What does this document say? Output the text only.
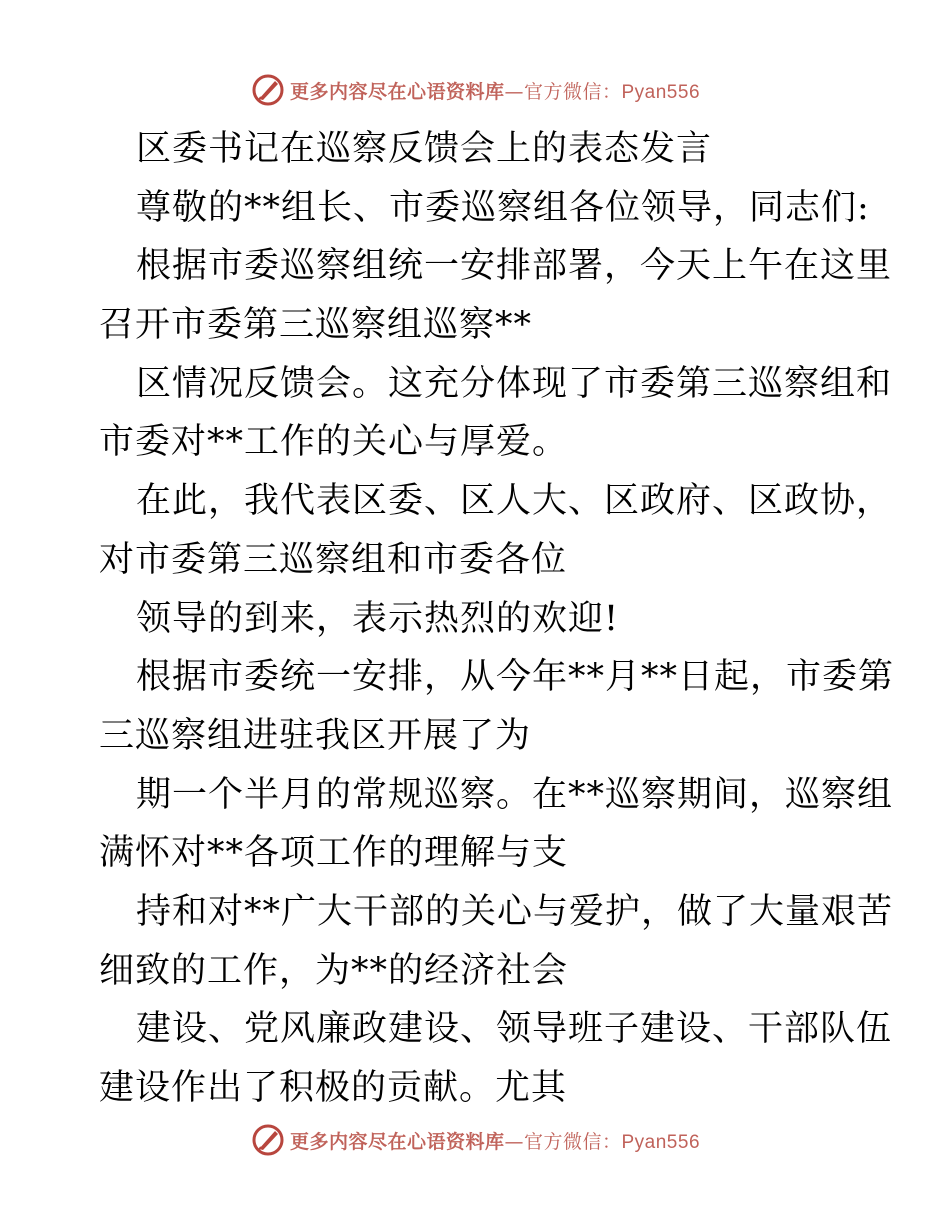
更多内容尽在心语资料库—官方微信：Pyan556
区委书记在巡察反馈会上的表态发言
尊敬的**组长、市委巡察组各位领导，同志们:
根据市委巡察组统一安排部署，今天上午在这里
召开市委第三巡察组巡察**
区情况反馈会。这充分体现了市委第三巡察组和
市委对**工作的关心与厚爱。
在此，我代表区委、区人大、区政府、区政协，
对市委第三巡察组和市委各位
领导的到来，表示热烈的欢迎!
根据市委统一安排，从今年**月**日起，市委第
三巡察组进驻我区开展了为
期一个半月的常规巡察。在**巡察期间，巡察组
满怀对**各项工作的理解与支
持和对**广大干部的关心与爱护，做了大量艰苦
细致的工作，为**的经济社会
建设、党风廉政建设、领导班子建设、干部队伍
建设作出了积极的贡献。尤其
更多内容尽在心语资料库—官方微信：Pyan556
